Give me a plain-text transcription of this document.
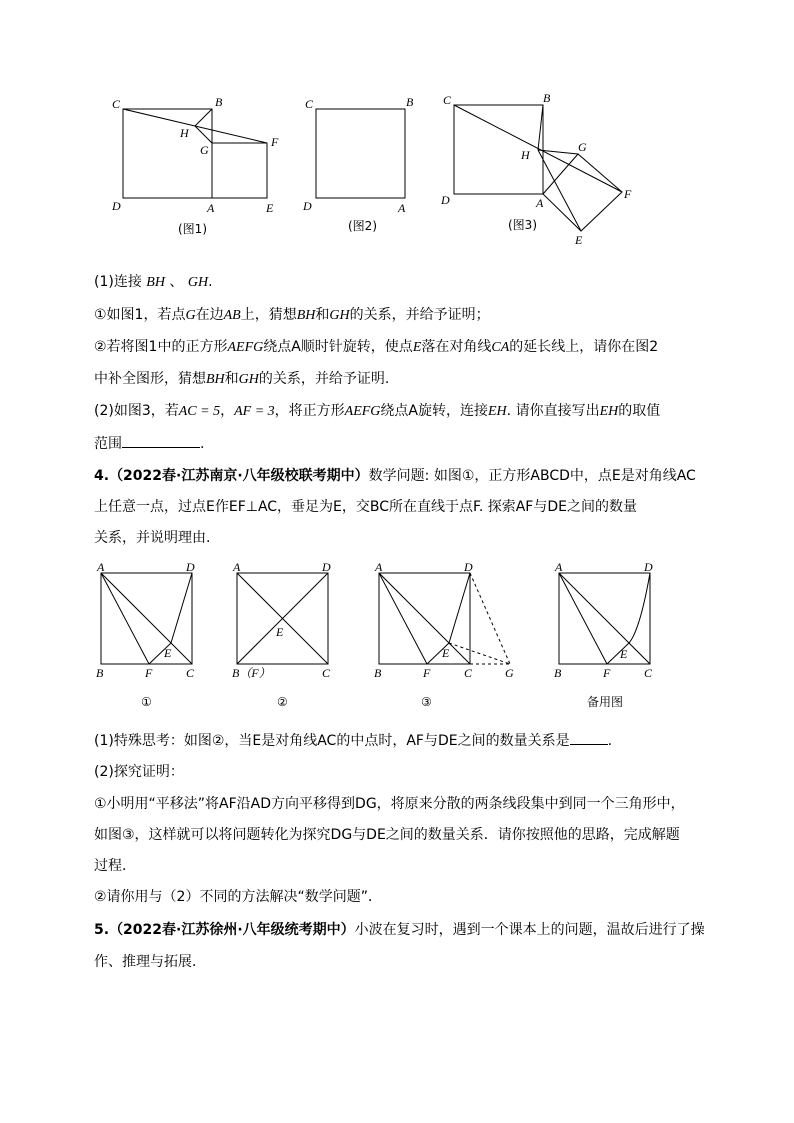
C	B
H
G
F
D	A	E
(图1)
C	B
D	A
(图2)
C	B
G
H
F
D	A
E
(图3)
(1)连接 BH 、 GH.
①如图1，若点G在边AB上，猜想BH和GH的关系，并给予证明；
②若将图1中的正方形AEFG绕点A顺时针旋转，使点E落在对角线CA的延长线上，请你在图2
中补全图形，猜想BH和GH的关系，并给予证明.
(2)如图3，若AC = 5，AF = 3，将正方形AEFG绕点A旋转，连接EH. 请你直接写出EH的取值
范围	.
4.（2022春·江苏南京·八年级校联考期中）数学问题: 如图①，正方形ABCD中，点E是对角线AC
上任意一点，过点E作EF⊥AC，垂足为E，交BC所在直线于点F. 探索AF与DE之间的数量
关系，并说明理由.
A	D
B	F
E
C
①
A	D
B（F）
E
C
②
A	D
B	F
E
C	G
③
A	D
B	F
E
C
备用图
(1)特殊思考：如图②，当E是对角线AC的中点时，AF与DE之间的数量关系是	.
(2)探究证明：
①小明用“平移法”将AF沿AD方向平移得到DG，将原来分散的两条线段集中到同一个三角形中，
如图③，这样就可以将问题转化为探究DG与DE之间的数量关系．请你按照他的思路，完成解题
过程．
②请你用与（2）不同的方法解决“数学问题”．
5.（2022春·江苏徐州·八年级统考期中）小波在复习时，遇到一个课本上的问题，温故后进行了操
作、推理与拓展．
